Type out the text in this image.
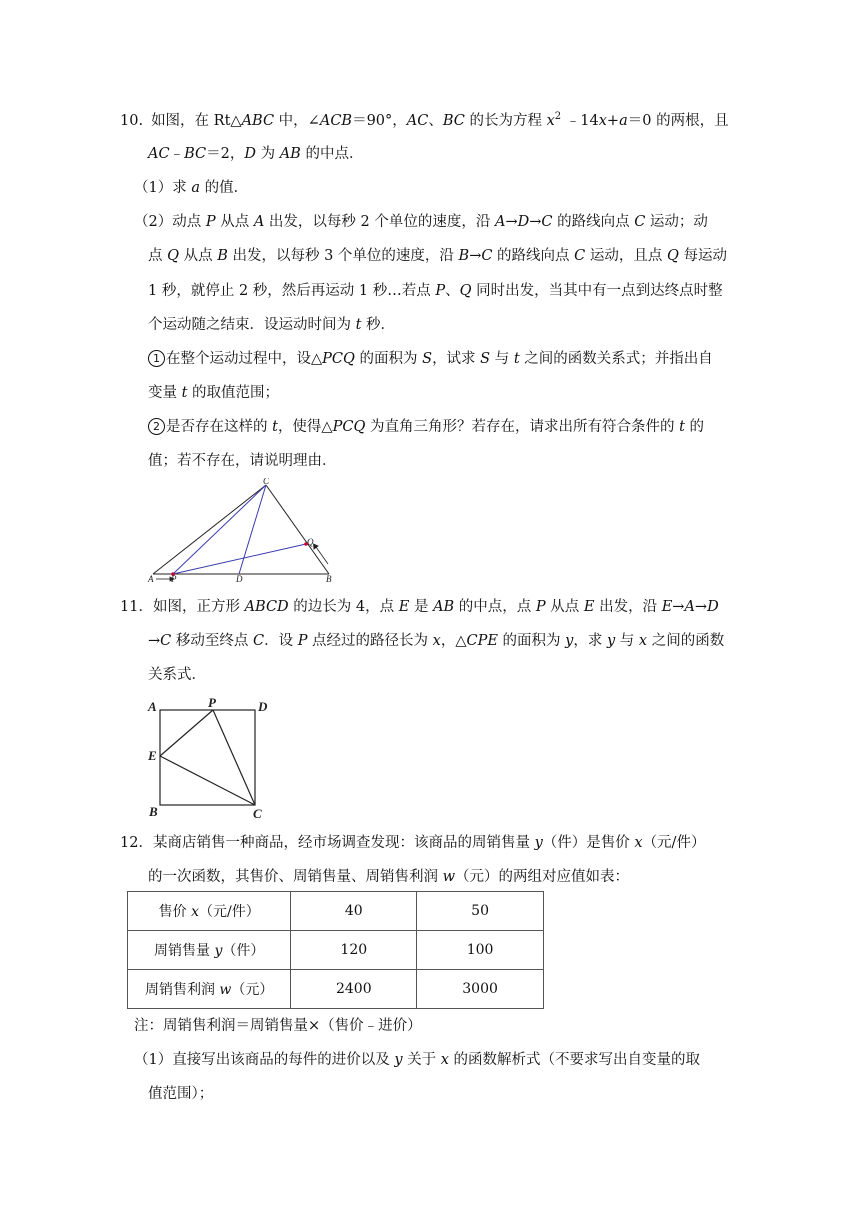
10. 如图，在 Rt△ABC 中，∠ACB＝90°，AC、BC 的长为方程 $x^2$ ﹣14x+a＝0 的两根，且
AC﹣BC＝2，D 为 AB 的中点．
（1）求 a 的值．
（2）动点 P 从点 A 出发，以每秒 2 个单位的速度，沿 A→D→C 的路线向点 C 运动；动
点 Q 从点 B 出发，以每秒 3 个单位的速度，沿 B→C 的路线向点 C 运动，且点 Q 每运动
1 秒，就停止 2 秒，然后再运动 1 秒…若点 P、Q 同时出发，当其中有一点到达终点时整
个运动随之结束．设运动时间为 t 秒．
1 在整个运动过程中，设△PCQ 的面积为 S，试求 S 与 t 之间的函数关系式；并指出自
变量 t 的取值范围；
2 是否存在这样的 t，使得△PCQ 为直角三角形？若存在，请求出所有符合条件的 t 的
值；若不存在，请说明理由．
C
Q
A P	D	B
11．如图，正方形 ABCD 的边长为 4，点 E 是 AB 的中点，点 P 从点 E 出发，沿 E→A→D
→C 移动至终点 C．设 P 点经过的路径长为 x，△CPE 的面积为 y，求 y 与 x 之间的函数
关系式．
A	P	D
E
B	C
12．某商店销售一种商品，经市场调查发现：该商品的周销售量 y（件）是售价 x（元/件）
的一次函数，其售价、周销售量、周销售利润 w（元）的两组对应值如表：
售价 x（元/件）	40	50
周销售量 y（件）	120	100
周销售利润 w（元）	2400	3000
注：周销售利润＝周销售量×（售价﹣进价）
（1）直接写出该商品的每件的进价以及 y 关于 x 的函数解析式（不要求写出自变量的取
值范围）；
